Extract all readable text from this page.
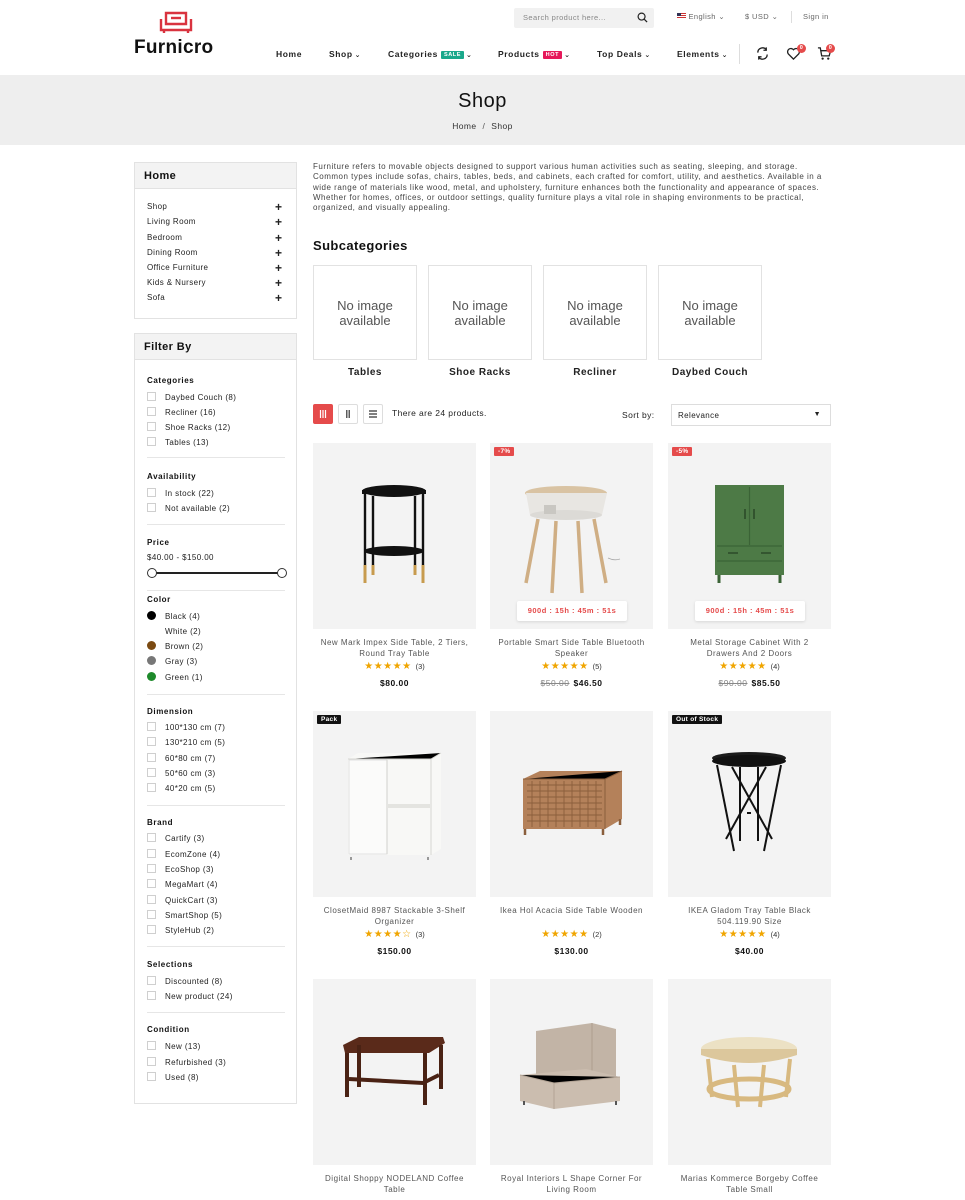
Furnicro
Search product here...	English ⌄	$ USD ⌄	Sign in
Home	Shop ⌄	Categories SALE ⌄	Products HOT ⌄	Top Deals ⌄	Elements ⌄
0	0
Shop
Home / Shop
Home
Shop	+
Living Room	+
Bedroom	+
Dining Room	+
Office Furniture	+
Kids & Nursery	+
Sofa	+
Filter By
Categories
Daybed Couch (8)
Recliner (16)
Shoe Racks (12)
Tables (13)
Availability
In stock (22)
Not available (2)
Price
$40.00 - $150.00
Color
Black (4)
White (2)
Brown (2)
Gray (3)
Green (1)
Dimension
100*130 cm (7)
130*210 cm (5)
60*80 cm (7)
50*60 cm (3)
40*20 cm (5)
Brand
Cartify (3)
EcomZone (4)
EcoShop (3)
MegaMart (4)
QuickCart (3)
SmartShop (5)
StyleHub (2)
Selections
Discounted (8)
New product (24)
Condition
New (13)
Refurbished (3)
Used (8)
Furniture refers to movable objects designed to support various human activities such as seating, sleeping, and storage. Common types include sofas, chairs, tables, beds, and cabinets, each crafted for comfort, utility, and aesthetics. Available in a wide range of materials like wood, metal, and upholstery, furniture enhances both the functionality and appearance of spaces. Whether for homes, offices, or outdoor settings, quality furniture plays a vital role in shaping environments to be practical, organized, and visually appealing.
Subcategories
No image available
Tables
No image available
Shoe Racks
No image available
Recliner
No image available
Daybed Couch
There are 24 products.	Sort by:	Relevance	▼
New Mark Impex Side Table, 2 Tiers, Round Tray Table
★★★★★ (3)
$80.00
-7%
900d : 15h : 45m : 51s
Portable Smart Side Table Bluetooth Speaker
★★★★★ (5)
$50.00 $46.50
-5%
900d : 15h : 45m : 51s
Metal Storage Cabinet With 2 Drawers And 2 Doors
★★★★★ (4)
$90.00 $85.50
Pack
ClosetMaid 8987 Stackable 3-Shelf Organizer
★★★★☆ (3)
$150.00
Ikea Hol Acacia Side Table Wooden
★★★★★ (2)
$130.00
Out of Stock
IKEA Gladom Tray Table Black 504.119.90 Size
★★★★★ (4)
$40.00
Digital Shoppy NODELAND Coffee Table
Royal Interiors L Shape Corner For Living Room
Marias Kommerce Borgeby Coffee Table Small
